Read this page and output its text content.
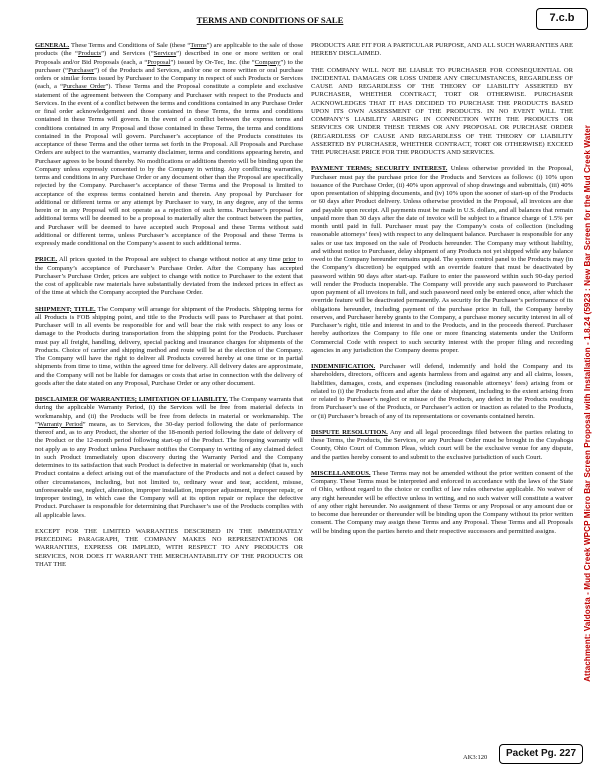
TERMS AND CONDITIONS OF SALE	7.c.b
Attachment: Valdosta - Mud Creek WPCP Micro Bar Screen Proposal with Installation - 1.8.24 (5923 : New Bar Screen for the Mud Creek Water

GENERAL. These Terms and Conditions of Sale (these “Terms”) are applicable to the sale of those products (the “Products”) and Services (“Services”) described in one or more written or oral Proposals and/or Bid Proposals (each, a “Proposal”) issued by Or-Tec, Inc. (the “Company”) to the purchaser (“Purchaser”) of the Products and Services, and/or one or more written or oral purchase orders or similar forms issued by Purchaser to the Company in respect of such Products or Services (each, a “Purchase Order”). These Terms and the Proposal constitute a complete and exclusive statement of the agreement between the Company and Purchaser with respect to the Products and Services. In the event of a conflict between the terms and conditions contained in any Purchase Order or final order acknowledgement and those contained in these Terms, the terms and conditions contained in these Terms will govern. In the event of a conflict between the express terms and conditions contained in any Proposal and those contained in these Terms, the terms and conditions contained in the Proposal will govern. Purchaser’s acceptance of the Products constitutes its acceptance of these Terms and the other terms set forth in the Proposal. All Proposals and Purchase Orders are subject to the warranties, warranty disclaimer, terms and conditions appearing herein, and Purchaser agrees to be bound thereby. No modifications or additions thereto will be binding upon the Company unless expressly consented to by the Company in writing. Any conflicting warranties, terms and conditions in any Purchase Order or any document other than the Proposal are specifically rejected by the Company. Purchaser’s acceptance of these Terms and the Proposal is limited to acceptance of the express terms contained herein and therein. Any proposal by Purchaser for additional or different terms or any attempt by Purchaser to vary, in any degree, any of the terms herein or in any Proposal will not operate as a rejection of such terms. Purchaser’s proposal for additional terms will be deemed to be a proposal to materially alter the contract between the parties, and Purchaser will be deemed to have accepted such Proposal and these Terms without said additional or different terms, unless Purchaser’s acceptance of the Proposal and these Terms is expressly made conditional on the Company’s assent to such additional terms.

PRICE. All prices quoted in the Proposal are subject to change without notice at any time prior to the Company’s acceptance of Purchaser’s Purchase Order. After the Company has accepted Purchaser’s Purchase Order, prices are subject to change with notice to Purchaser to the extent that the cost of applicable raw materials have substantially deviated from the indexed prices in effect as of the time at which the Company accepted the Purchase Order.

SHIPMENT; TITLE. The Company will arrange for shipment of the Products. Shipping terms for all Products is FOB shipping point, and title to the Products will pass to Purchaser at that point. Purchaser will in all events be responsible for and will bear the risk with respect to any loss or damage to the Products during transportation from the shipping point for the Products. Purchaser must pay all freight, handling, delivery, special packing and insurance charges for shipments of the Products. Choice of carrier and shipping method and route will be at the election of the Company. The Company will have the right to deliver all Products covered hereby at one time or in partial shipments from time to time, within the agreed time for delivery. All delivery dates are approximate, and the Company will not be liable for damages or costs that arise in connection with the delivery of goods after the date stated on any Proposal, Purchase Order or any other document.

DISCLAIMER OF WARRANTIES; LIMITATION OF LIABILITY. The Company warrants that during the applicable Warranty Period, (i) the Services will be free from material defects in workmanship, and (ii) the Products will be free from defects in material or workmanship. The “Warranty Period” means, as to Services, the 30-day period following the date of performance thereof and, as to any Product, the shorter of the 18-month period following the date of delivery of the Product or the 12-month period following start-up of the Product. The foregoing warranty will not apply as to any Product unless Purchaser notifies the Company in writing of any claimed defect in such Product immediately upon discovery during the Warranty Period and the Company determines to its satisfaction that such Product is defective in material or workmanship (that is, such Product contains a defect arising out of the manufacture of the Products and not a defect caused by other circumstances, including, but not limited to, ordinary wear and tear, accident, misuse, unforeseeable use, neglect, alteration, improper installation, improper adjustment, improper repair, or improper testing), in which case the Company will at its option repair or replace the defective Product. Purchaser is responsible for determining that Purchaser’s use of the Products complies with all applicable laws.

EXCEPT FOR THE LIMITED WARRANTIES DESCRIBED IN THE IMMEDIATELY PRECEDING PARAGRAPH, THE COMPANY MAKES NO REPRESENTATIONS OR WARRANTIES, EXPRESS OR IMPLIED, WITH RESPECT TO ANY PRODUCTS OR SERVICES, NOR DOES IT WARRANT THE MERCHANTABILITY OF THE PRODUCTS OR THAT THE

PRODUCTS ARE FIT FOR A PARTICULAR PURPOSE, AND ALL SUCH WARRANTIES ARE HEREBY DISCLAIMED.

THE COMPANY WILL NOT BE LIABLE TO PURCHASER FOR CONSEQUENTIAL OR INCIDENTAL DAMAGES OR LOSS UNDER ANY CIRCUMSTANCES, REGARDLESS OF CAUSE AND REGARDLESS OF THE THEORY OF LIABILITY ASSERTED BY PURCHASER, WHETHER CONTRACT, TORT OR OTHERWISE. PURCHASER ACKNOWLEDGES THAT IT HAS DECIDED TO PURCHASE THE PRODUCTS BASED UPON ITS OWN ASSESSMENT OF THE PRODUCTS. IN NO EVENT WILL THE COMPANY’S LIABILITY ARISING IN CONNECTION WITH THE PRODUCTS OR SERVICES OR UNDER THESE TERMS OR ANY PROPOSAL OR PURCHASE ORDER (REGARDLESS OF CAUSE AND REGARDLESS OF THE THEORY OF LIABILITY ASSERTED BY PURCHASER, WHETHER CONTRACT, TORT OR OTHERWISE) EXCEED THE PURCHASE PRICE FOR THE PRODUCTS AND SERVICES.

PAYMENT TERMS; SECURITY INTEREST. Unless otherwise provided in the Proposal, Purchaser must pay the purchase price for the Products and Services as follows: (i) 10% upon issuance of the Purchase Order, (ii) 40% upon approval of shop drawings and submittals, (iii) 40% upon presentation of shipping documents, and (iv) 10% upon the sooner of start-up of the Products or 60 days after Product delivery. Unless otherwise provided in the Proposal, all invoices are due and payable upon receipt. All payments must be made in U.S. dollars, and all balances that remain unpaid more than 30 days after the date of invoice will be subject to a finance charge of 1.5% per month until paid in full. Purchaser must pay the Company’s costs of collection (including reasonable attorneys’ fees) with respect to any delinquent balance. Purchaser is responsible for any sales or use tax imposed on the sale of Products hereunder. The Company may without liability, and without notice to Purchaser, delay shipment of any Products not yet shipped while any balance owed to the Company hereunder remains unpaid. The system control panel to the Products may (in the Company’s discretion) be equipped with an override feature that must be deactivated by password within 90 days after start-up. Failure to enter the password within such 90-day period will render the Products inoperable. The Company will provide any such password to Purchaser upon payment of all invoices in full, and such password need only be entered once, after which the override feature will be deactivated permanently. As security for the Purchaser’s performance of its obligations hereunder, including payment of the purchase price in full, the Company hereby reserves, and Purchaser hereby grants to the Company, a purchase money security interest in all of Purchaser’s right, title and interest in and to the Products, and in the proceeds thereof. Purchaser hereby authorizes the Company to file one or more financing statements under the Uniform Commercial Code with respect to such security interest with the proper filing and recording agencies in any jurisdiction the Company deems proper.

INDEMNIFICATION. Purchaser will defend, indemnify and hold the Company and its shareholders, directors, officers and agents harmless from and against any and all claims, losses, liabilities, damages, costs, and expenses (including reasonable attorneys’ fees) arising from or related to (i) the Products from and after the date of shipment, including to the extent arising from or related to Purchaser’s neglect or misuse of the Products, any defect in the Products resulting from Purchaser’s use of the Products, or Purchaser’s action or inaction as related to the Products, or (ii) Purchaser’s breach of any of its representations or covenants contained herein.

DISPUTE RESOLUTION. Any and all legal proceedings filed between the parties relating to these Terms, the Products, the Services, or any Purchase Order must be brought in the Cuyahoga County, Ohio Court of Common Pleas, which court will be the exclusive venue for any dispute, and the parties hereby consent to and submit to the exclusive jurisdiction of such Court.

MISCELLANEOUS. These Terms may not be amended without the prior written consent of the Company. These Terms must be interpreted and enforced in accordance with the laws of the State of Ohio, without regard to the choice or conflict of law rules otherwise applicable. No waiver of any right hereunder will be effective unless in writing, and no such waiver will constitute a waiver of any other right hereunder. No assignment of these Terms or any Proposal or any amount due or to become due hereunder or thereunder will be binding upon the Company without its prior written consent. The Company may assign these Terms and any Proposal. These Terms and all Proposals will be binding upon the parties hereto and their respective successors and permitted assigns.

AK3:120	Packet Pg. 227
